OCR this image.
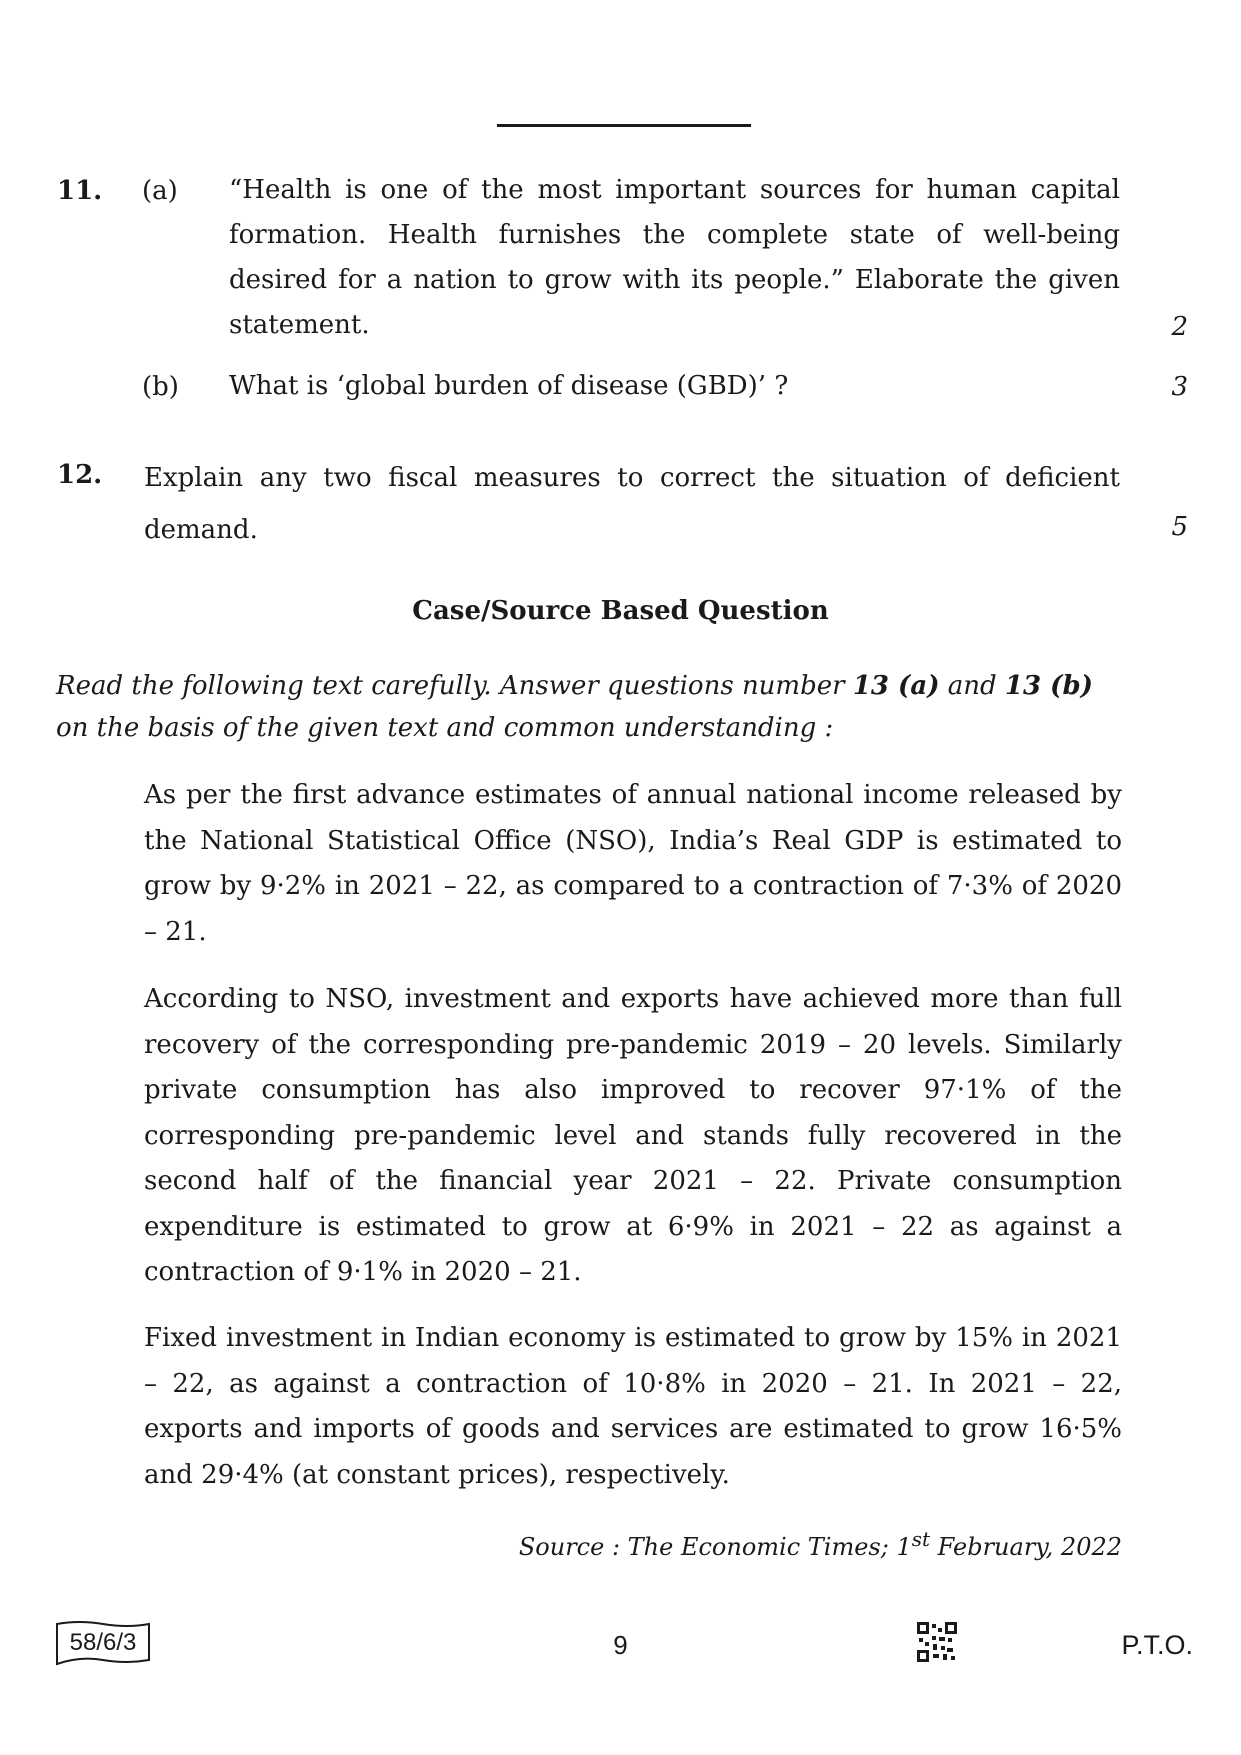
11. (a) “Health is one of the most important sources for human capital formation. Health furnishes the complete state of well-being desired for a nation to grow with its people.” Elaborate the given statement.	2
(b) What is ‘global burden of disease (GBD)’ ?	3
12. Explain any two fiscal measures to correct the situation of deficient demand.	5
Case/Source Based Question
Read the following text carefully. Answer questions number 13 (a) and 13 (b) on the basis of the given text and common understanding :
As per the first advance estimates of annual national income released by the National Statistical Office (NSO), India’s Real GDP is estimated to grow by 9·2% in 2021 – 22, as compared to a contraction of 7·3% of 2020 – 21.
According to NSO, investment and exports have achieved more than full recovery of the corresponding pre-pandemic 2019 – 20 levels. Similarly private consumption has also improved to recover 97·1% of the corresponding pre-pandemic level and stands fully recovered in the second half of the financial year 2021 – 22. Private consumption expenditure is estimated to grow at 6·9% in 2021 – 22 as against a contraction of 9·1% in 2020 – 21.
Fixed investment in Indian economy is estimated to grow by 15% in 2021 – 22, as against a contraction of 10·8% in 2020 – 21. In 2021 – 22, exports and imports of goods and services are estimated to grow 16·5% and 29·4% (at constant prices), respectively.
Source : The Economic Times; 1st February, 2022
58/6/3	9	P.T.O.
